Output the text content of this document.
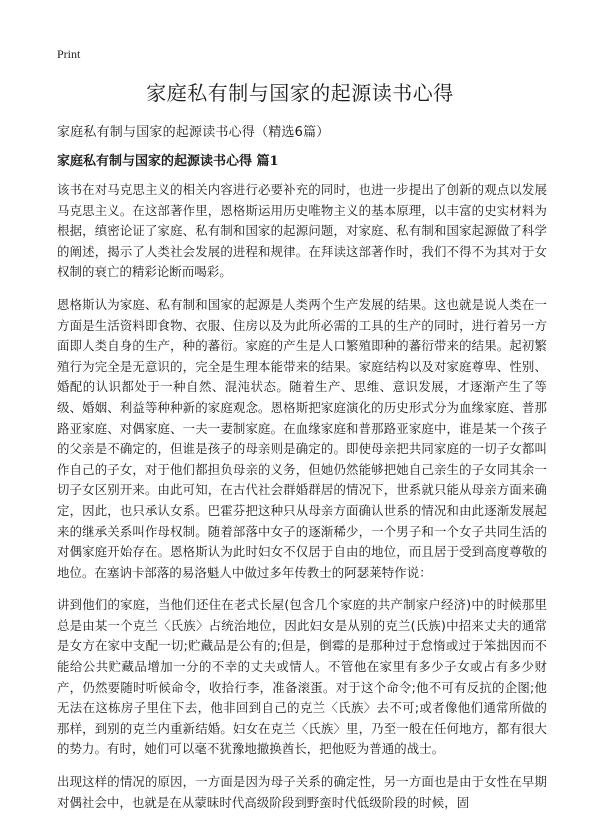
Print
家庭私有制与国家的起源读书心得

家庭私有制与国家的起源读书心得（精选6篇）

家庭私有制与国家的起源读书心得 篇1

该书在对马克思主义的相关内容进行必要补充的同时，也进一步提出了创新的观点以发展马克思主义。在这部著作里，恩格斯运用历史唯物主义的基本原理，以丰富的史实材料为根据，缜密论证了家庭、私有制和国家的起源问题，对家庭、私有制和国家起源做了科学的阐述，揭示了人类社会发展的进程和规律。在拜读这部著作时，我们不得不为其对于女权制的衰亡的精彩论断而喝彩。

恩格斯认为家庭、私有制和国家的起源是人类两个生产发展的结果。这也就是说人类在一方面是生活资料即食物、衣服、住房以及为此所必需的工具的生产的同时，进行着另一方面即人类自身的生产，种的蕃衍。家庭的产生是人口繁殖即种的蕃衍带来的结果。起初繁殖行为完全是无意识的，完全是生理本能带来的结果。家庭结构以及对家庭尊卑、性别、婚配的认识都处于一种自然、混沌状态。随着生产、思维、意识发展，才逐渐产生了等级、婚姻、利益等种种新的家庭观念。恩格斯把家庭演化的历史形式分为血缘家庭、普那路亚家庭、对偶家庭、一夫一妻制家庭。在血缘家庭和普那路亚家庭中，谁是某一个孩子的父亲是不确定的，但谁是孩子的母亲则是确定的。即使母亲把共同家庭的一切子女都叫作自己的子女，对于他们都担负母亲的义务，但她仍然能够把她自己亲生的子女同其余一切子女区别开来。由此可知，在古代社会群婚群居的情况下，世系就只能从母亲方面来确定，因此，也只承认女系。巴霍芬把这种只从母亲方面确认世系的情况和由此逐渐发展起来的继承关系叫作母权制。随着部落中女子的逐渐稀少，一个男子和一个女子共同生活的对偶家庭开始存在。恩格斯认为此时妇女不仅居于自由的地位，而且居于受到高度尊敬的地位。在塞讷卡部落的易洛魁人中做过多年传教士的阿瑟莱特作说：

讲到他们的家庭，当他们还住在老式长屋(包含几个家庭的共产制家户经济)中的时候那里总是由某一个克兰〈氏族〉占统治地位，因此妇女是从别的克兰(氏族)中招来丈夫的通常是女方在家中支配一切;贮藏品是公有的;但是，倒霉的是那种过于怠惰或过于笨拙因而不能给公共贮藏品增加一分的不幸的丈夫或情人。不管他在家里有多少子女或占有多少财产，仍然要随时听候命令，收拾行李，准备滚蛋。对于这个命令;他不可有反抗的企图;他无法在这栋房子里住下去，他非回到自己的克兰〈氏族〉去不可;或者像他们通常所做的那样，到别的克兰内重新结婚。妇女在克兰〈氏族〉里，乃至一般在任何地方，都有很大的势力。有时，她们可以毫不犹豫地撤换酋长，把他贬为普通的战士。

出现这样的情况的原因，一方面是因为母子关系的确定性，另一方面也是由于女性在早期对偶社会中，也就是在从蒙昧时代高级阶段到野蛮时代低级阶段的时候，固
